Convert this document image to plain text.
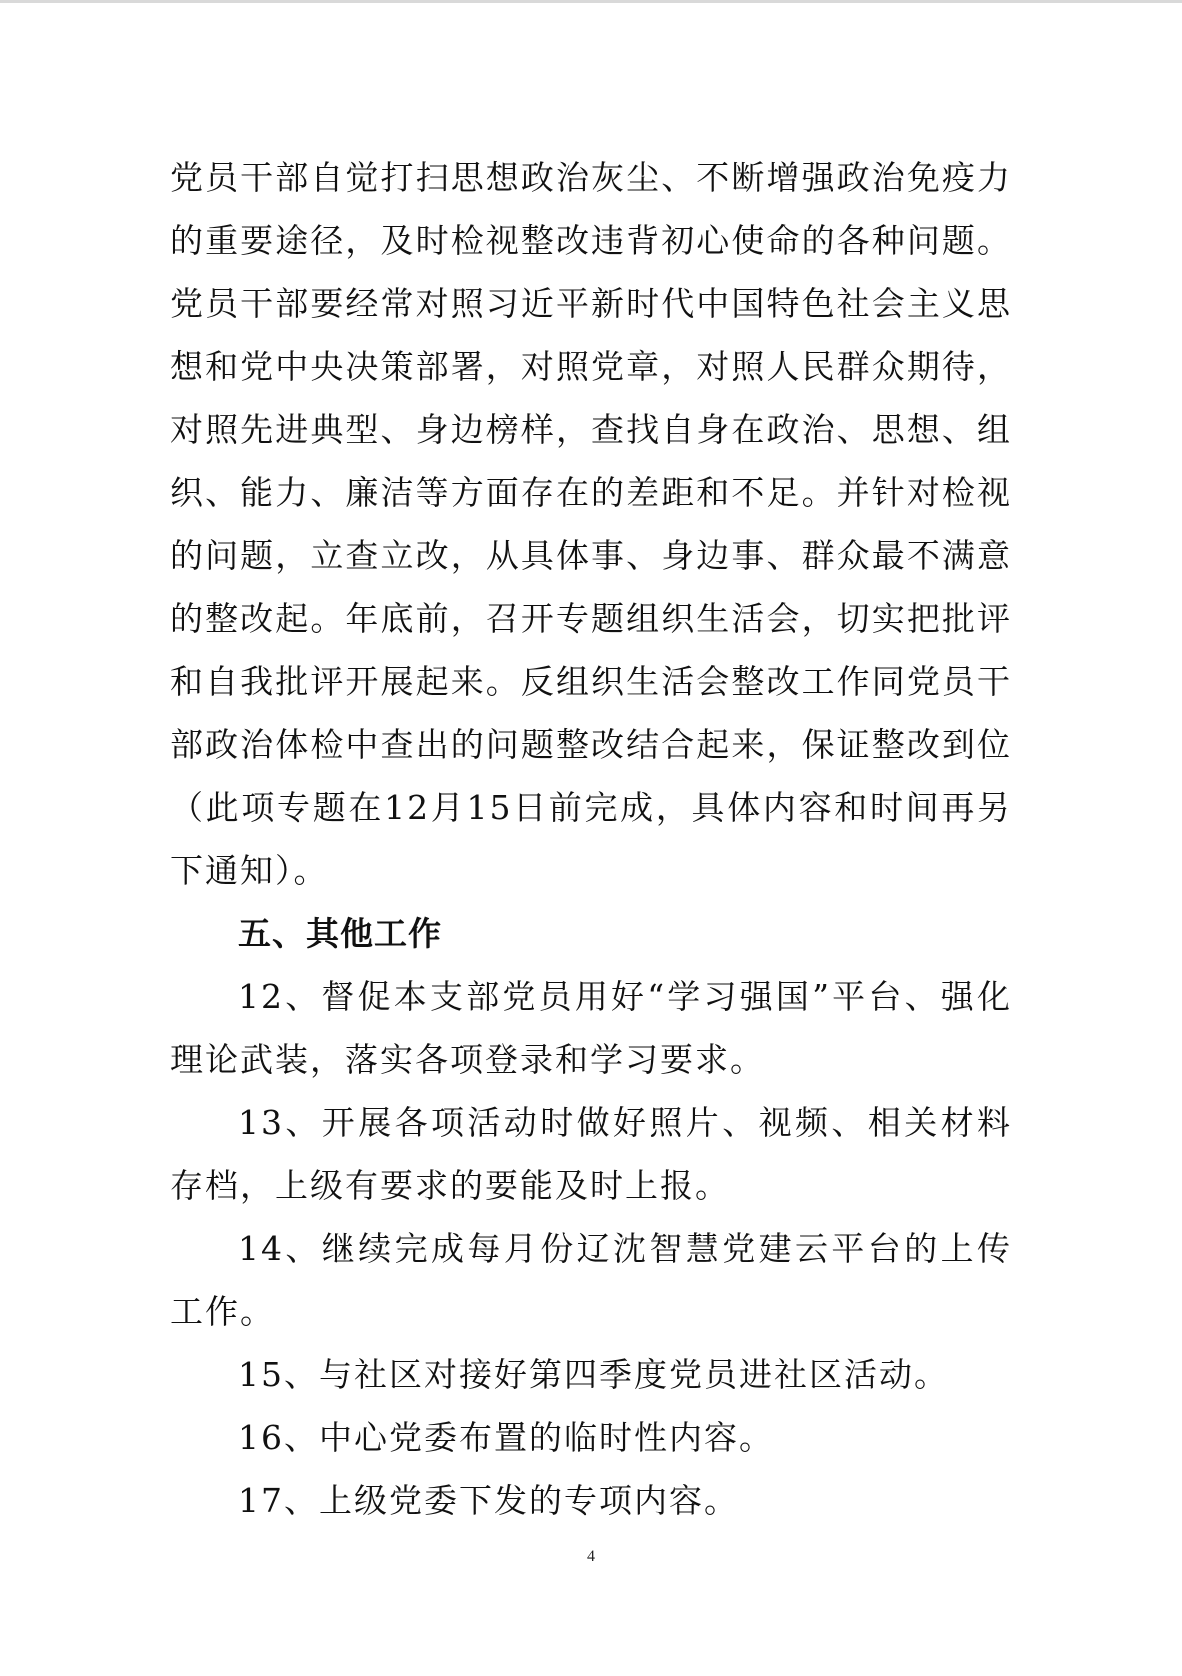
党员干部自觉打扫思想政治灰尘、不断增强政治免疫力的重要途径，及时检视整改违背初心使命的各种问题。党员干部要经常对照习近平新时代中国特色社会主义思想和党中央决策部署，对照党章，对照人民群众期待，对照先进典型、身边榜样，查找自身在政治、思想、组织、能力、廉洁等方面存在的差距和不足。并针对检视的问题，立查立改，从具体事、身边事、群众最不满意的整改起。年底前，召开专题组织生活会，切实把批评和自我批评开展起来。反组织生活会整改工作同党员干部政治体检中查出的问题整改结合起来，保证整改到位（此项专题在12月15日前完成，具体内容和时间再另下通知）。

五、其他工作

12、督促本支部党员用好“学习强国”平台、强化理论武装，落实各项登录和学习要求。

13、开展各项活动时做好照片、视频、相关材料存档，上级有要求的要能及时上报。

14、继续完成每月份辽沈智慧党建云平台的上传工作。

15、与社区对接好第四季度党员进社区活动。

16、中心党委布置的临时性内容。

17、上级党委下发的专项内容。

4
